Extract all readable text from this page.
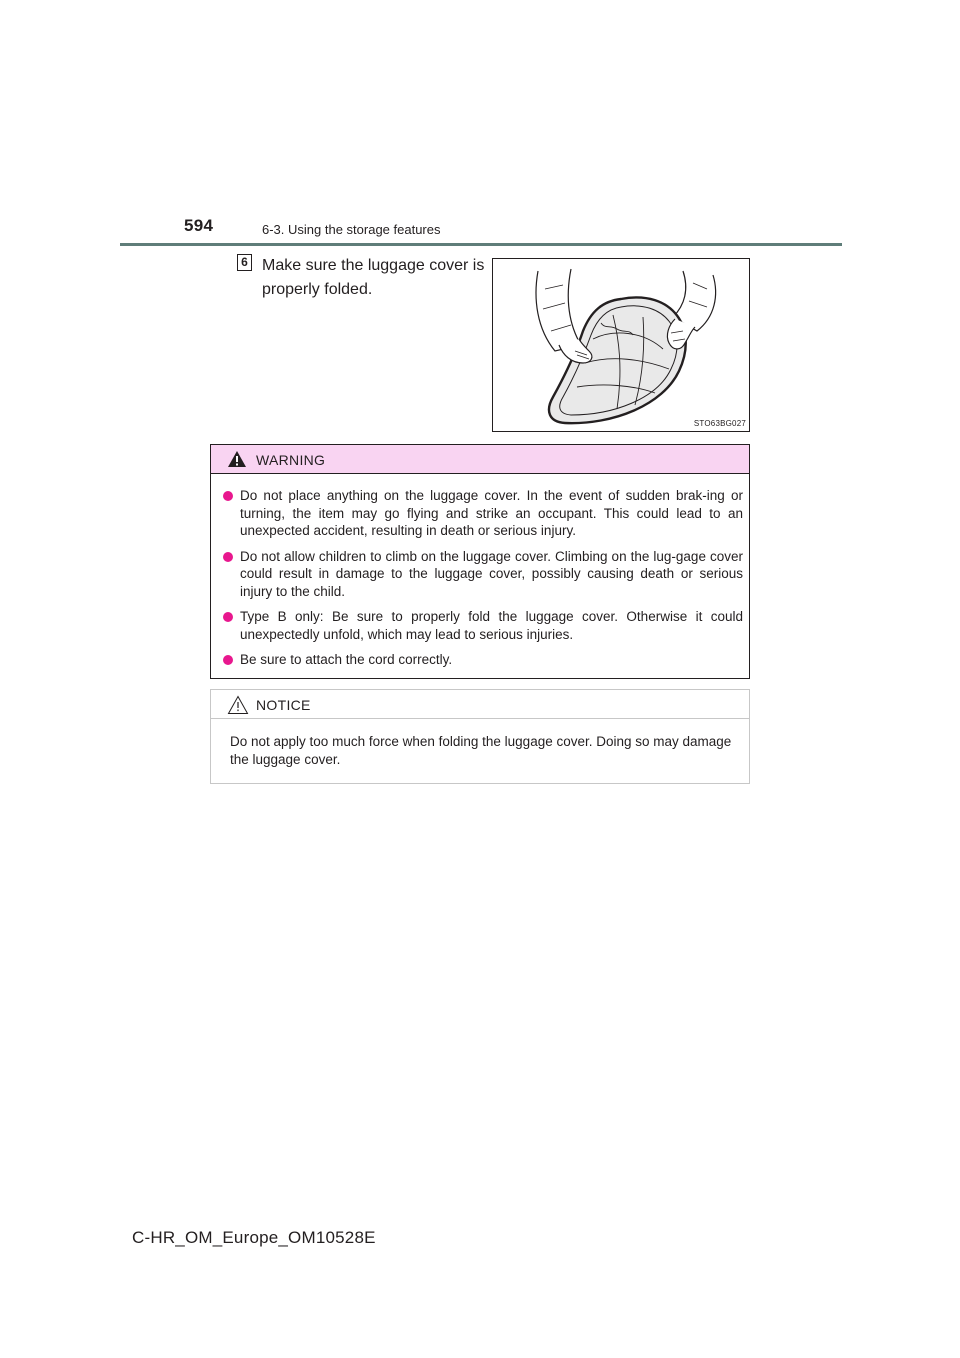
594	6-3. Using the storage features
6 Make sure the luggage cover is properly folded.
STO63BG027
WARNING
Do not place anything on the luggage cover. In the event of sudden brak-ing or turning, the item may go flying and strike an occupant. This could lead to an unexpected accident, resulting in death or serious injury.
Do not allow children to climb on the luggage cover. Climbing on the lug-gage cover could result in damage to the luggage cover, possibly causing death or serious injury to the child.
Type B only: Be sure to properly fold the luggage cover. Otherwise it could unexpectedly unfold, which may lead to serious injuries.
Be sure to attach the cord correctly.
NOTICE
Do not apply too much force when folding the luggage cover. Doing so may damage the luggage cover.
C-HR_OM_Europe_OM10528E
